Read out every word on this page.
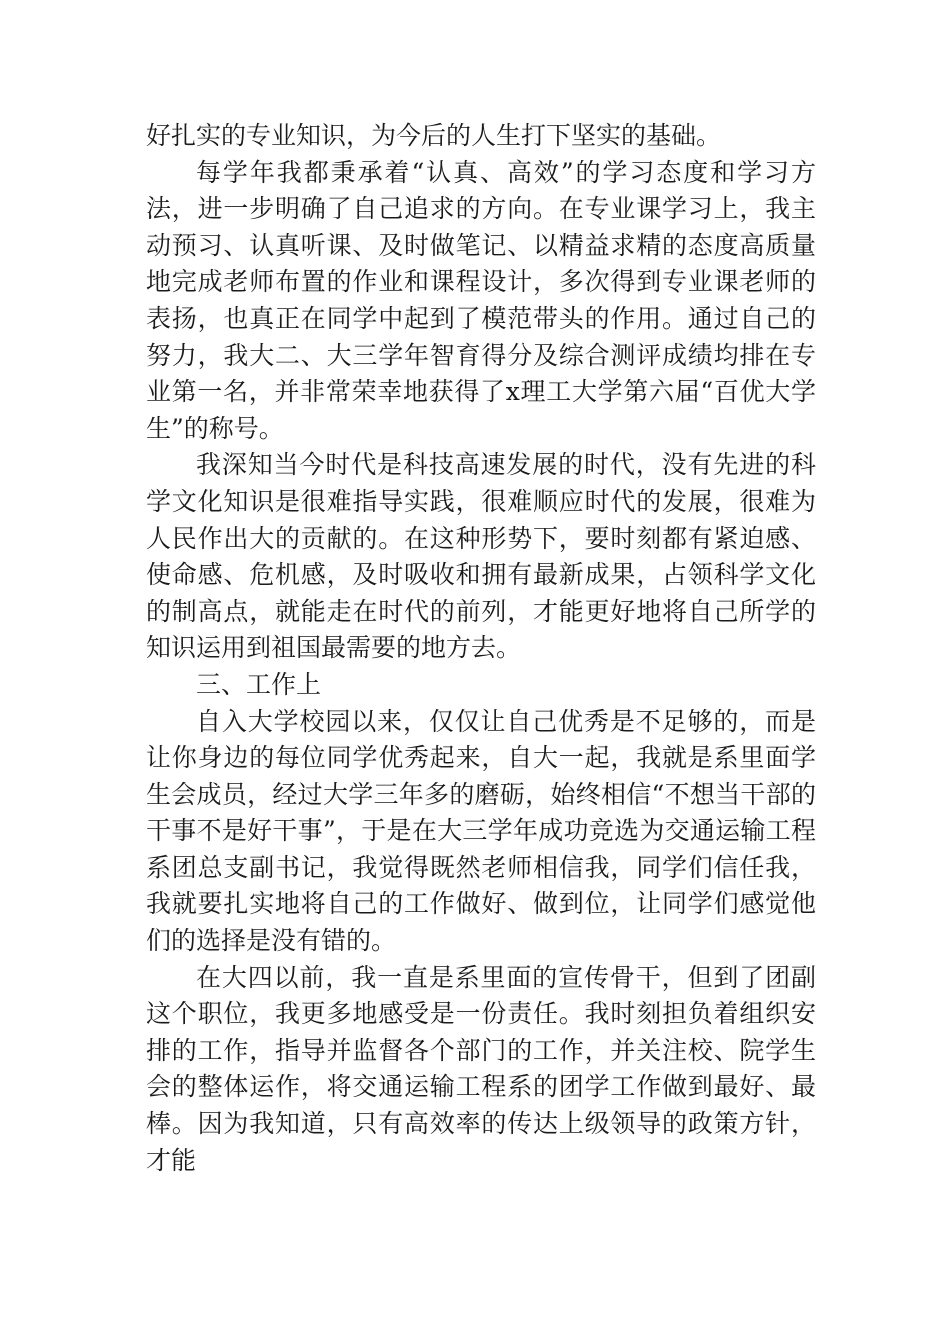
好扎实的专业知识，为今后的人生打下坚实的基础。

每学年我都秉承着“认真、高效”的学习态度和学习方法，进一步明确了自己追求的方向。在专业课学习上，我主动预习、认真听课、及时做笔记、以精益求精的态度高质量地完成老师布置的作业和课程设计，多次得到专业课老师的表扬，也真正在同学中起到了模范带头的作用。通过自己的努力，我大二、大三学年智育得分及综合测评成绩均排在专业第一名，并非常荣幸地获得了x理工大学第六届“百优大学生”的称号。

我深知当今时代是科技高速发展的时代，没有先进的科学文化知识是很难指导实践，很难顺应时代的发展，很难为人民作出大的贡献的。在这种形势下，要时刻都有紧迫感、使命感、危机感，及时吸收和拥有最新成果，占领科学文化的制高点，就能走在时代的前列，才能更好地将自己所学的知识运用到祖国最需要的地方去。

三、工作上

自入大学校园以来，仅仅让自己优秀是不足够的，而是让你身边的每位同学优秀起来，自大一起，我就是系里面学生会成员，经过大学三年多的磨砺，始终相信“不想当干部的干事不是好干事”，于是在大三学年成功竞选为交通运输工程系团总支副书记，我觉得既然老师相信我，同学们信任我，我就要扎实地将自己的工作做好、做到位，让同学们感觉他们的选择是没有错的。

在大四以前，我一直是系里面的宣传骨干，但到了团副这个职位，我更多地感受是一份责任。我时刻担负着组织安排的工作，指导并监督各个部门的工作，并关注校、院学生会的整体运作，将交通运输工程系的团学工作做到最好、最棒。因为我知道，只有高效率的传达上级领导的政策方针，才能
